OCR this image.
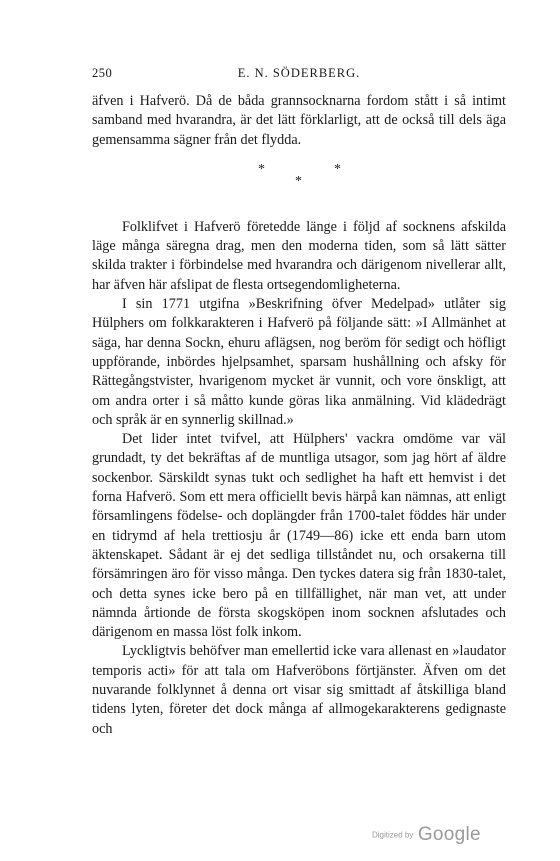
250	E. N. SÖDERBERG.

äfven i Hafverö. Då de båda grannsocknarna fordom stått i så intimt samband med hvarandra, är det lätt förklarligt, att de också till dels äga gemensamma sägner från det flydda.

*
*
*

Folklifvet i Hafverö företedde länge i följd af socknens afskilda läge många säregna drag, men den moderna tiden, som så lätt sätter skilda trakter i förbindelse med hvarandra och därigenom nivellerar allt, har äfven här afslipat de flesta ortsegendomligheterna.

I sin 1771 utgifna »Beskrifning öfver Medelpad» utlåter sig Hülphers om folkkarakteren i Hafverö på följande sätt: »I Allmänhet at säga, har denna Sockn, ehuru aflägsen, nog beröm för sedigt och höfligt uppförande, inbördes hjelpsamhet, sparsam hushållning och afsky för Rättegångstvister, hvarigenom mycket är vunnit, och vore önskligt, att om andra orter i så måtto kunde göras lika anmälning. Vid klädedrägt och språk är en synnerlig skillnad.»

Det lider intet tvifvel, att Hülphers' vackra omdöme var väl grundadt, ty det bekräftas af de muntliga utsagor, som jag hört af äldre sockenbor. Särskildt synas tukt och sedlighet ha haft ett hemvist i det forna Hafverö. Som ett mera officiellt bevis härpå kan nämnas, att enligt församlingens födelse- och doplängder från 1700-talet föddes här under en tidrymd af hela trettiosju år (1749—86) icke ett enda barn utom äktenskapet. Sådant är ej det sedliga tillståndet nu, och orsakerna till försämringen äro för visso många. Den tyckes datera sig från 1830-talet, och detta synes icke bero på en tillfällighet, när man vet, att under nämnda årtionde de första skogsköpen inom socknen afslutades och därigenom en massa löst folk inkom.

Lyckligtvis behöfver man emellertid icke vara allenast en »laudator temporis acti» för att tala om Hafveröbons förtjänster. Äfven om det nuvarande folklynnet å denna ort visar sig smittadt af åtskilliga bland tidens lyten, företer det dock många af allmogekarakterens gedignaste och

Digitized by Google
